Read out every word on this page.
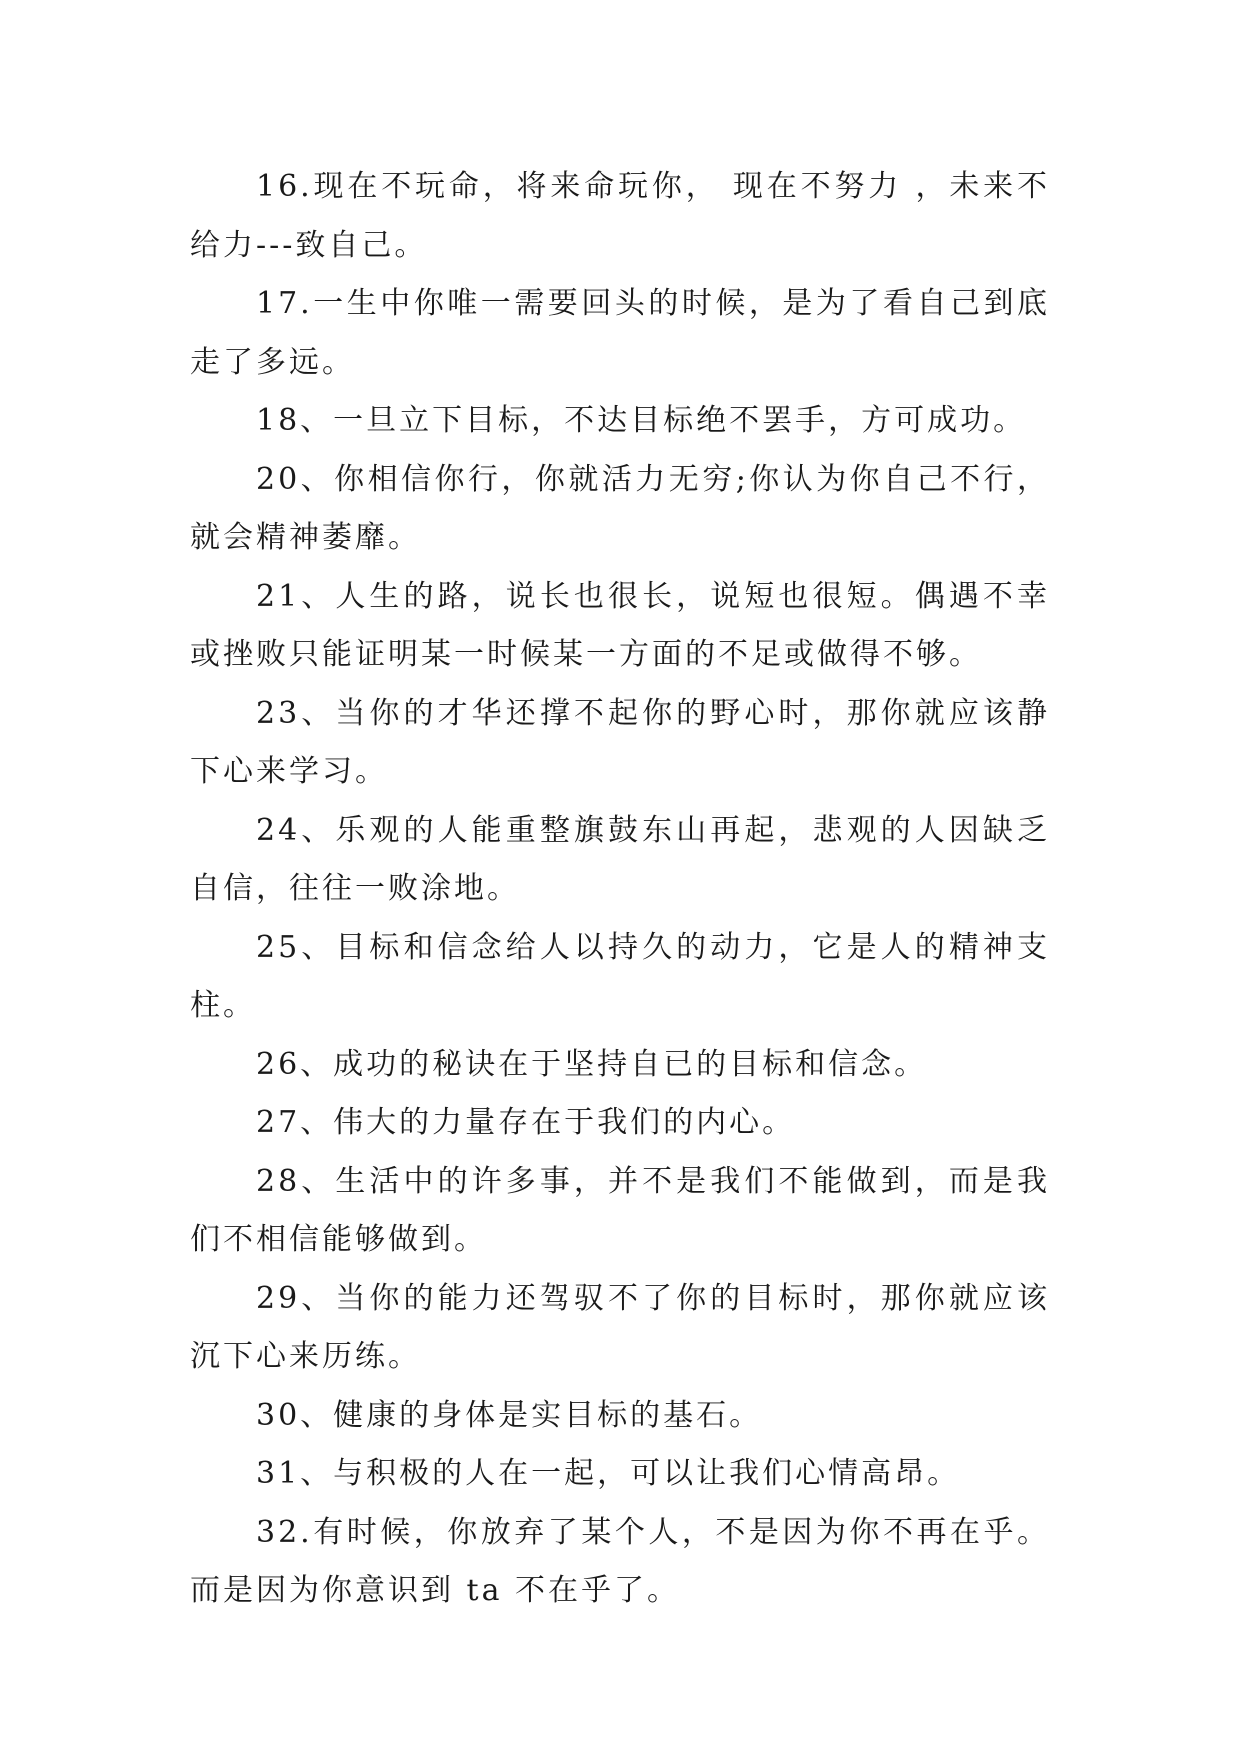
16.现在不玩命，将来命玩你， 现在不努力 ，未来不给力---致自己。

17.一生中你唯一需要回头的时候，是为了看自己到底走了多远。

18、一旦立下目标，不达目标绝不罢手，方可成功。

20、你相信你行，你就活力无穷;你认为你自己不行，就会精神萎靡。

21、人生的路，说长也很长，说短也很短。偶遇不幸或挫败只能证明某一时候某一方面的不足或做得不够。

23、当你的才华还撑不起你的野心时，那你就应该静下心来学习。

24、乐观的人能重整旗鼓东山再起，悲观的人因缺乏自信，往往一败涂地。

25、目标和信念给人以持久的动力，它是人的精神支柱。

26、成功的秘诀在于坚持自已的目标和信念。

27、伟大的力量存在于我们的内心。

28、生活中的许多事，并不是我们不能做到，而是我们不相信能够做到。

29、当你的能力还驾驭不了你的目标时，那你就应该沉下心来历练。

30、健康的身体是实目标的基石。

31、与积极的人在一起，可以让我们心情高昂。

32.有时候，你放弃了某个人，不是因为你不再在乎。而是因为你意识到 ta 不在乎了。
